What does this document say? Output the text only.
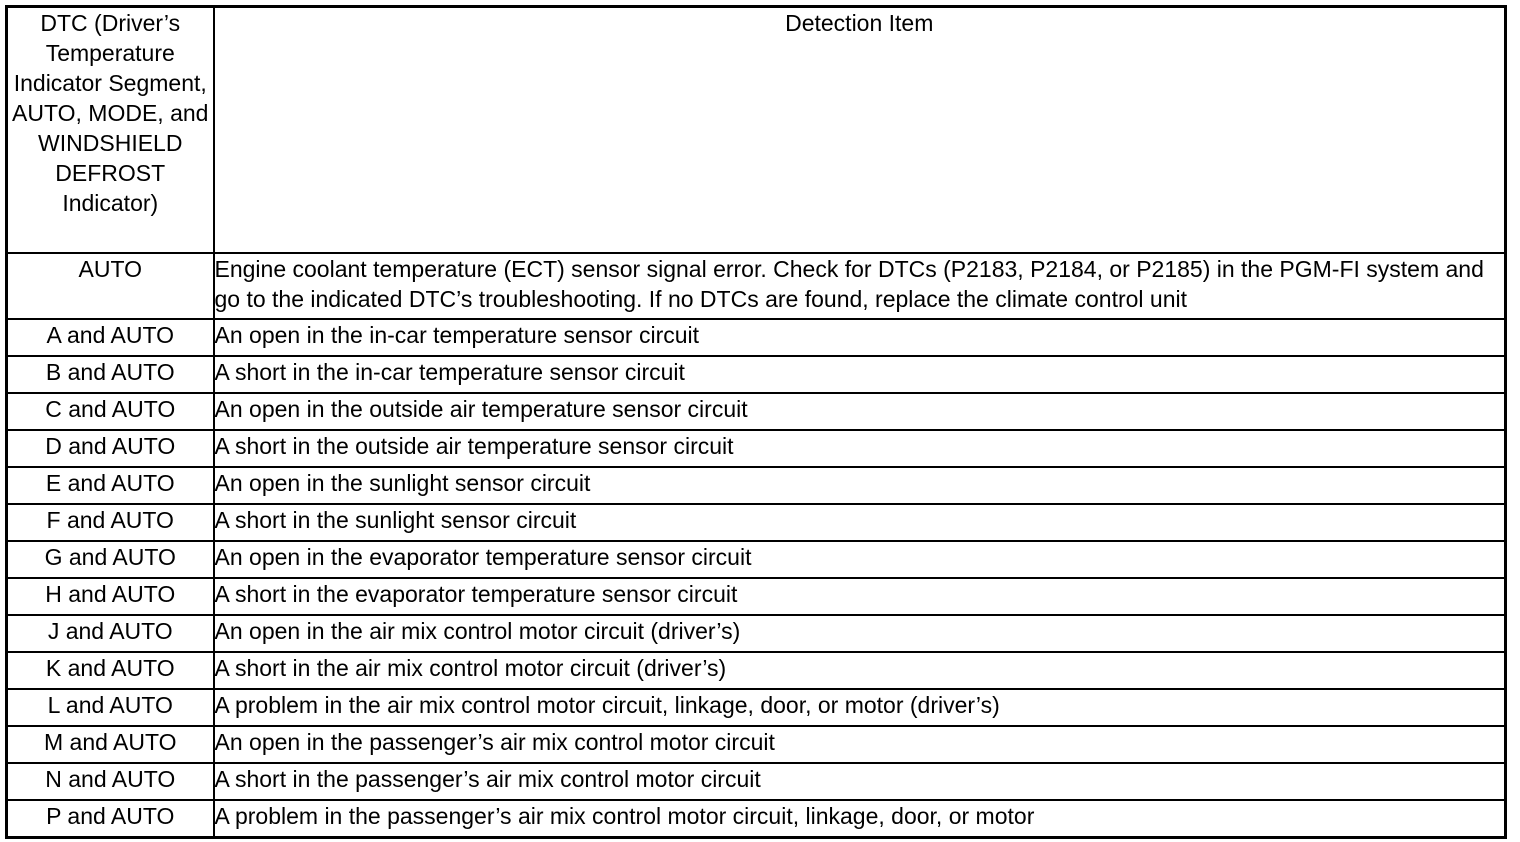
DTC (Driver’s Temperature Indicator Segment, AUTO, MODE, and WINDSHIELD DEFROST Indicator)	Detection Item
AUTO	Engine coolant temperature (ECT) sensor signal error. Check for DTCs (P2183, P2184, or P2185) in the PGM-FI system and go to the indicated DTC’s troubleshooting. If no DTCs are found, replace the climate control unit
A and AUTO	An open in the in-car temperature sensor circuit
B and AUTO	A short in the in-car temperature sensor circuit
C and AUTO	An open in the outside air temperature sensor circuit
D and AUTO	A short in the outside air temperature sensor circuit
E and AUTO	An open in the sunlight sensor circuit
F and AUTO	A short in the sunlight sensor circuit
G and AUTO	An open in the evaporator temperature sensor circuit
H and AUTO	A short in the evaporator temperature sensor circuit
J and AUTO	An open in the air mix control motor circuit (driver’s)
K and AUTO	A short in the air mix control motor circuit (driver’s)
L and AUTO	A problem in the air mix control motor circuit, linkage, door, or motor (driver’s)
M and AUTO	An open in the passenger’s air mix control motor circuit
N and AUTO	A short in the passenger’s air mix control motor circuit
P and AUTO	A problem in the passenger’s air mix control motor circuit, linkage, door, or motor
